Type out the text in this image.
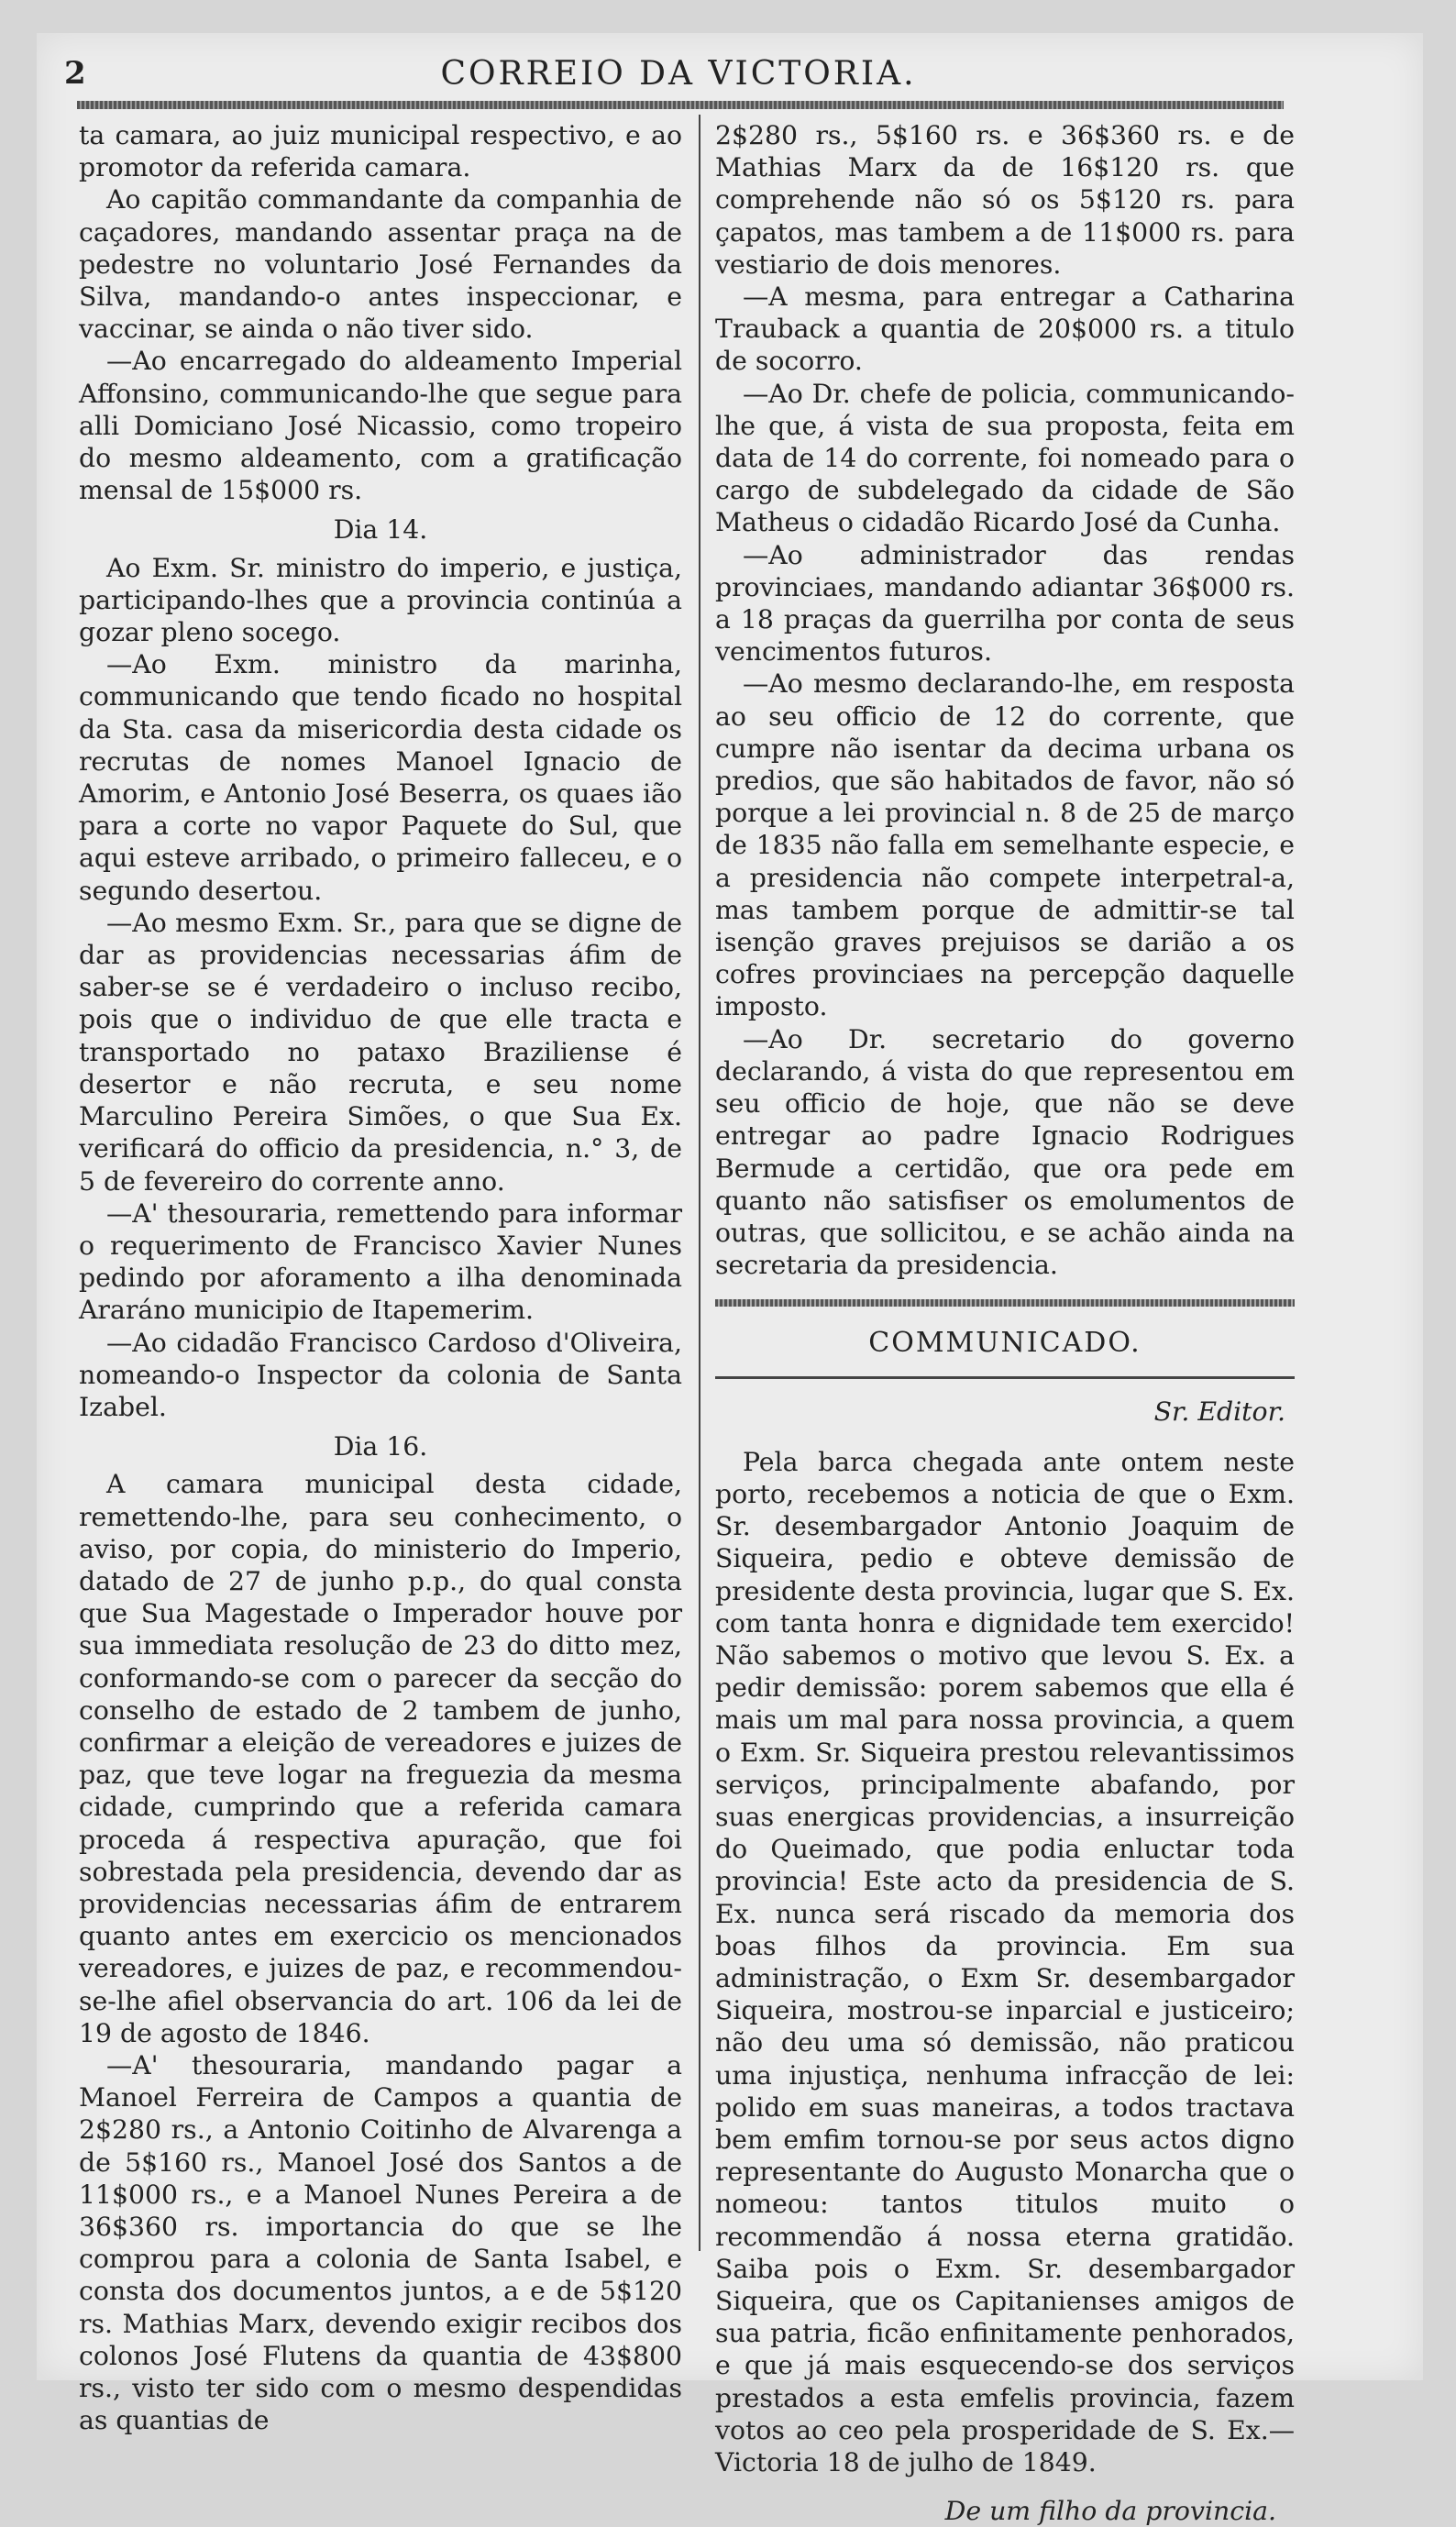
2	CORREIO DA VICTORIA.

ta camara, ao juiz municipal respectivo, e ao promotor da referida camara.

Ao capitão commandante da companhia de caçadores, mandando assentar praça na de pedestre no voluntario José Fernandes da Silva, mandando-o antes inspeccionar, e vaccinar, se ainda o não tiver sido.

—Ao encarregado do aldeamento Imperial Affonsino, communicando-lhe que segue para alli Domiciano José Nicassio, como tropeiro do mesmo aldeamento, com a gratificação mensal de 15$000 rs.

Dia 14.

Ao Exm. Sr. ministro do imperio, e justiça, participando-lhes que a provincia continúa a gozar pleno socego.

—Ao Exm. ministro da marinha, communicando que tendo ficado no hospital da Sta. casa da misericordia desta cidade os recrutas de nomes Manoel Ignacio de Amorim, e Antonio José Beserra, os quaes ião para a corte no vapor Paquete do Sul, que aqui esteve arribado, o primeiro falleceu, e o segundo desertou.

—Ao mesmo Exm. Sr., para que se digne de dar as providencias necessarias áfim de saber-se se é verdadeiro o incluso recibo, pois que o individuo de que elle tracta e transportado no pataxo Braziliense é desertor e não recruta, e seu nome Marculino Pereira Simões, o que Sua Ex. verificará do officio da presidencia, n.° 3, de 5 de fevereiro do corrente anno.

—A' thesouraria, remettendo para informar o requerimento de Francisco Xavier Nunes pedindo por aforamento a ilha denominada Araráno municipio de Itapemerim.

—Ao cidadão Francisco Cardoso d'Oliveira, nomeando-o Inspector da colonia de Santa Izabel.

Dia 16.

A camara municipal desta cidade, remettendo-lhe, para seu conhecimento, o aviso, por copia, do ministerio do Imperio, datado de 27 de junho p.p., do qual consta que Sua Magestade o Imperador houve por sua immediata resolução de 23 do ditto mez, conformando-se com o parecer da secção do conselho de estado de 2 tambem de junho, confirmar a eleição de vereadores e juizes de paz, que teve logar na freguezia da mesma cidade, cumprindo que a referida camara proceda á respectiva apuração, que foi sobrestada pela presidencia, devendo dar as providencias necessarias áfim de entrarem quanto antes em exercicio os mencionados vereadores, e juizes de paz, e recommendou-se-lhe afiel observancia do art. 106 da lei de 19 de agosto de 1846.

—A' thesouraria, mandando pagar a Manoel Ferreira de Campos a quantia de 2$280 rs., a Antonio Coitinho de Alvarenga a de 5$160 rs., Manoel José dos Santos a de 11$000 rs., e a Manoel Nunes Pereira a de 36$360 rs. importancia do que se lhe comprou para a colonia de Santa Isabel, e consta dos documentos juntos, a e de 5$120 rs. Mathias Marx, devendo exigir recibos dos colonos José Flutens da quantia de 43$800 rs., visto ter sido com o mesmo despendidas as quantias de

2$280 rs., 5$160 rs. e 36$360 rs. e de Mathias Marx da de 16$120 rs. que comprehende não só os 5$120 rs. para çapatos, mas tambem a de 11$000 rs. para vestiario de dois menores.

—A mesma, para entregar a Catharina Trauback a quantia de 20$000 rs. a titulo de socorro.

—Ao Dr. chefe de policia, communicando-lhe que, á vista de sua proposta, feita em data de 14 do corrente, foi nomeado para o cargo de subdelegado da cidade de São Matheus o cidadão Ricardo José da Cunha.

—Ao administrador das rendas provinciaes, mandando adiantar 36$000 rs. a 18 praças da guerrilha por conta de seus vencimentos futuros.

—Ao mesmo declarando-lhe, em resposta ao seu officio de 12 do corrente, que cumpre não isentar da decima urbana os predios, que são habitados de favor, não só porque a lei provincial n. 8 de 25 de março de 1835 não falla em semelhante especie, e a presidencia não compete interpetral-a, mas tambem porque de admittir-se tal isenção graves prejuisos se darião a os cofres provinciaes na percepção daquelle imposto.

—Ao Dr. secretario do governo declarando, á vista do que representou em seu officio de hoje, que não se deve entregar ao padre Ignacio Rodrigues Bermude a certidão, que ora pede em quanto não satisfiser os emolumentos de outras, que sollicitou, e se achão ainda na secretaria da presidencia.

COMMUNICADO.
Sr. Editor.

Pela barca chegada ante ontem neste porto, recebemos a noticia de que o Exm. Sr. desembargador Antonio Joaquim de Siqueira, pedio e obteve demissão de presidente desta provincia, lugar que S. Ex. com tanta honra e dignidade tem exercido! Não sabemos o motivo que levou S. Ex. a pedir demissão: porem sabemos que ella é mais um mal para nossa provincia, a quem o Exm. Sr. Siqueira prestou relevantissimos serviços, principalmente abafando, por suas energicas providencias, a insurreição do Queimado, que podia enluctar toda provincia! Este acto da presidencia de S. Ex. nunca será riscado da memoria dos boas filhos da provincia. Em sua administração, o Exm Sr. desembargador Siqueira, mostrou-se inparcial e justiceiro; não deu uma só demissão, não praticou uma injustiça, nenhuma infracção de lei: polido em suas maneiras, a todos tractava bem emfim tornou-se por seus actos digno representante do Augusto Monarcha que o nomeou: tantos titulos muito o recommendão á nossa eterna gratidão. Saiba pois o Exm. Sr. desembargador Siqueira, que os Capitanienses amigos de sua patria, ficão enfinitamente penhorados, e que já mais esquecendo-se dos serviços prestados a esta emfelis provincia, fazem votos ao ceo pela prosperidade de S. Ex.— Victoria 18 de julho de 1849.

De um filho da provincia.
